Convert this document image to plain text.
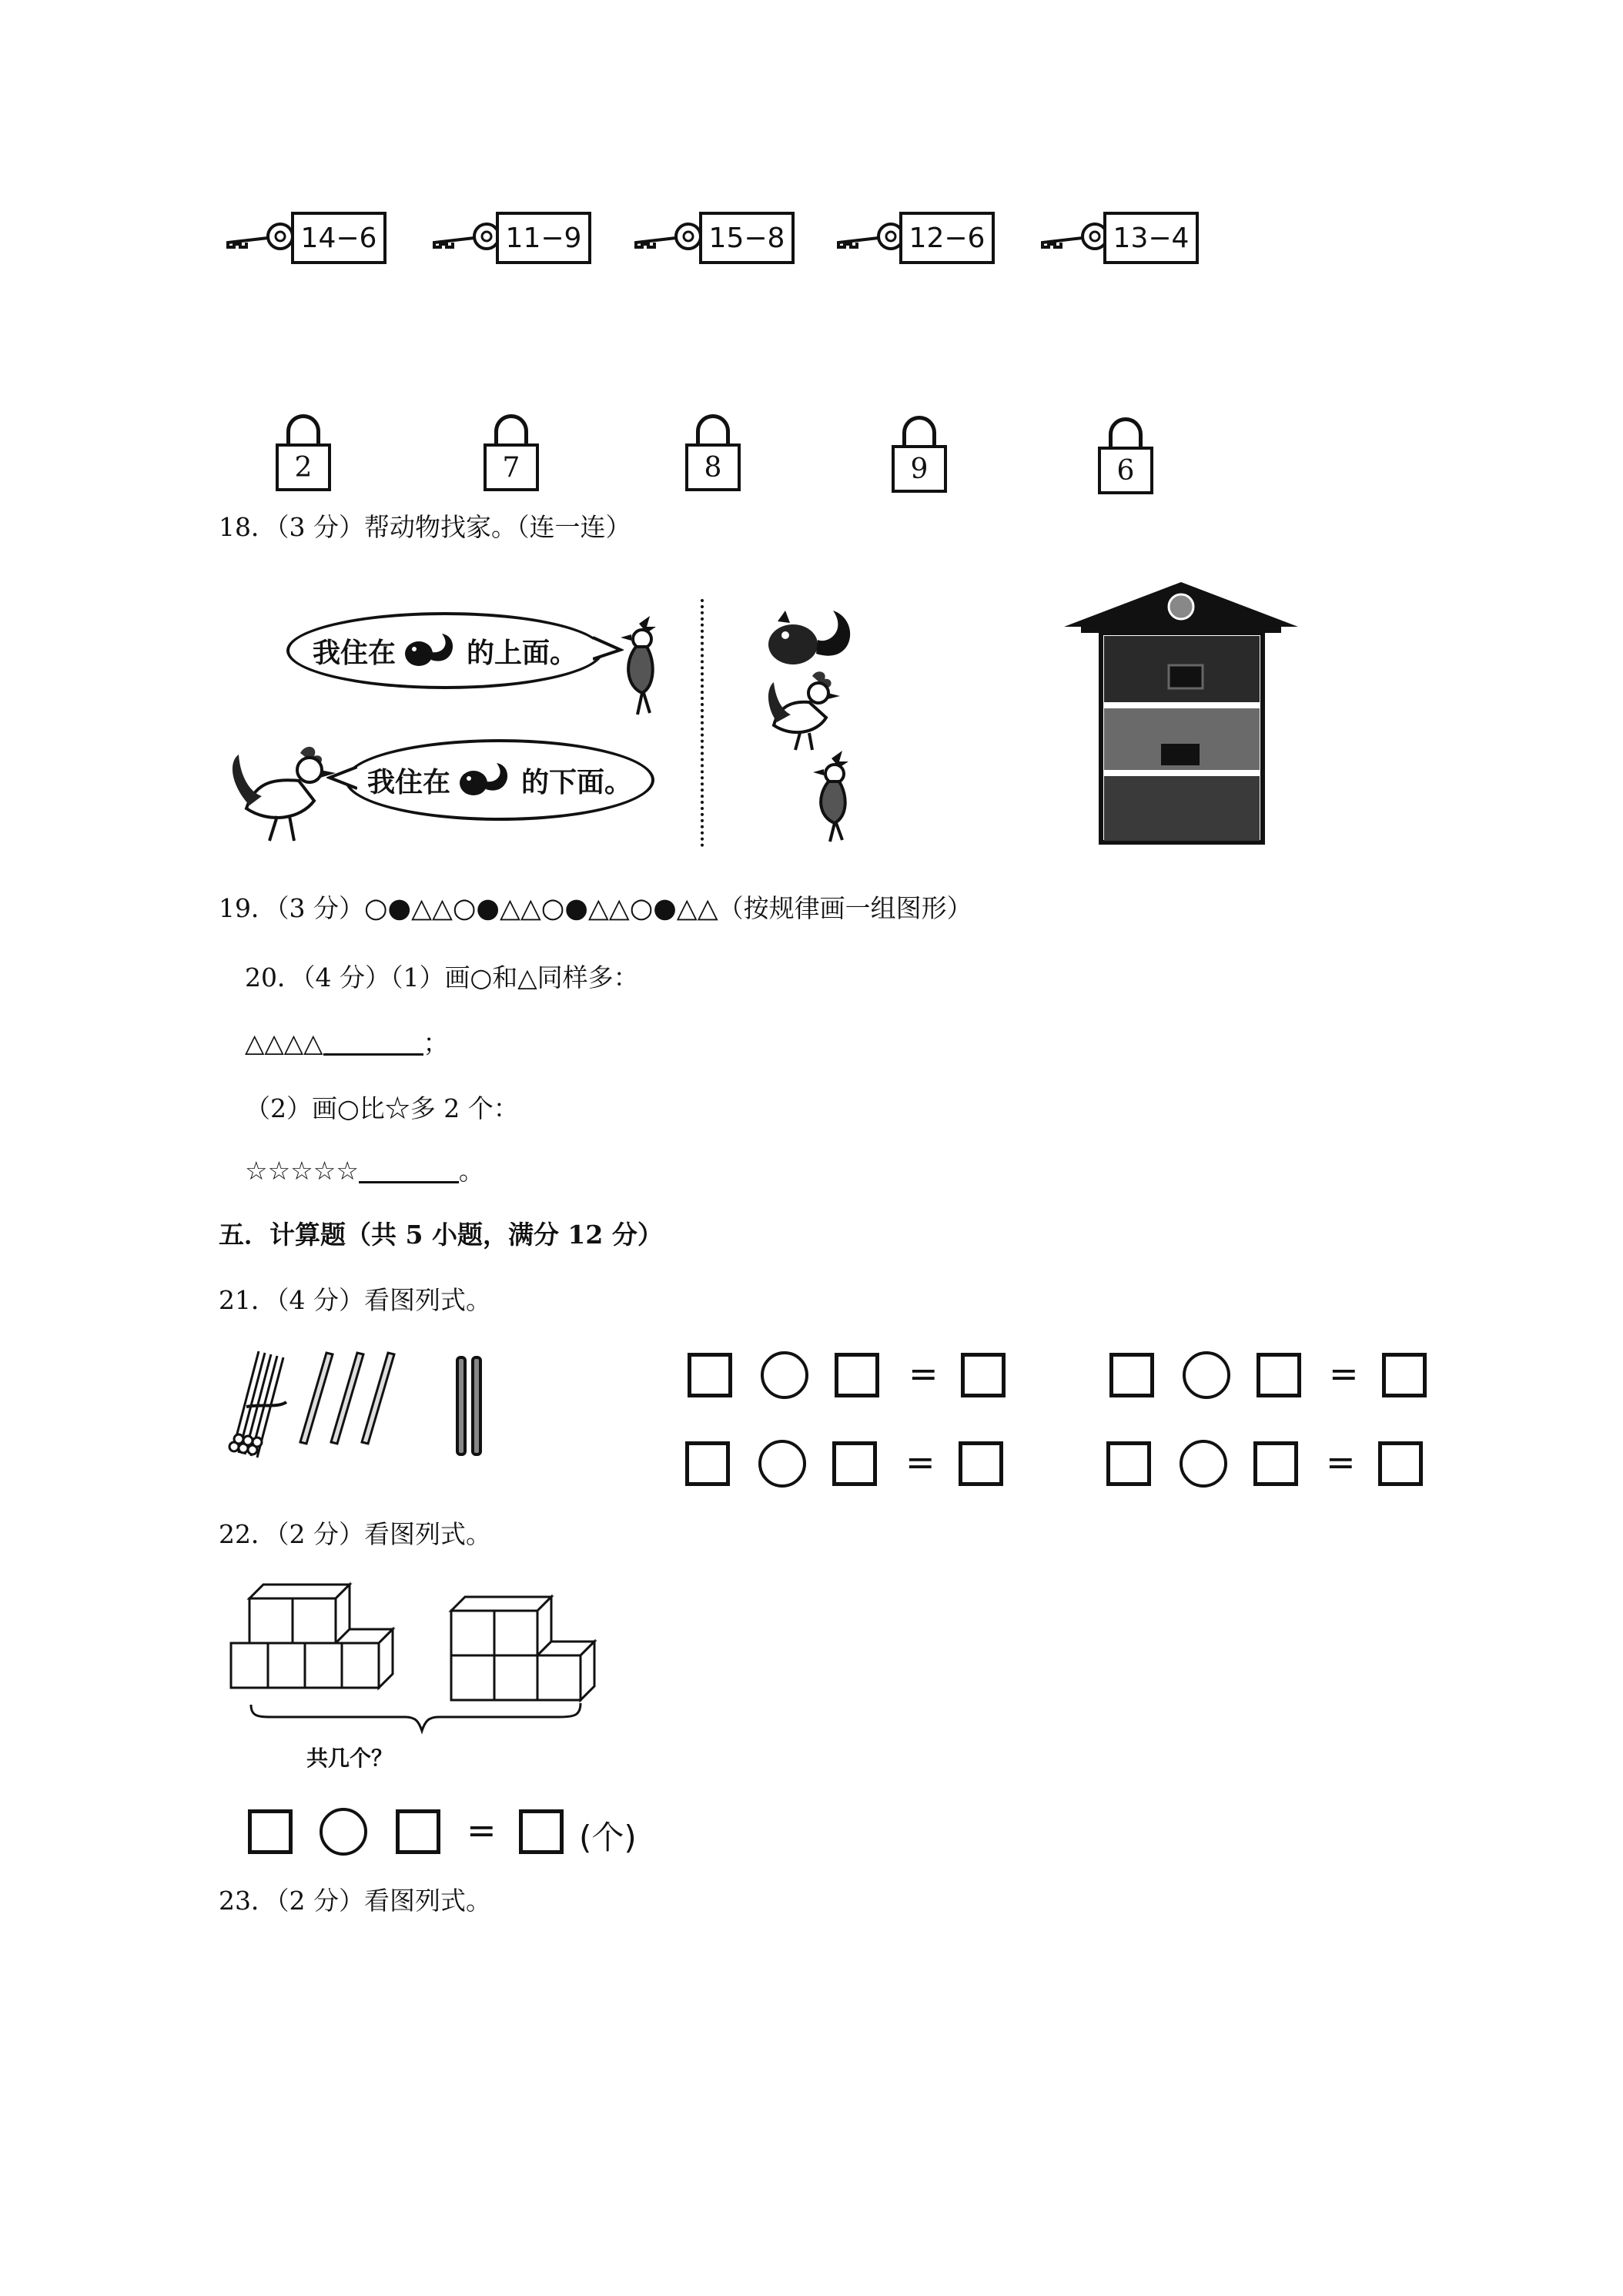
14−6	11−9	15−8	12−6	13−4
2	7	8	9	6
18．（3 分）帮动物找家。（连一连）
我住在	的上面。
我住在	的下面。
19．（3 分）○●△△○●△△○●△△○●△△（按规律画一组图形）
20．（4 分）（1）画○和△同样多：
△△△△	；
（2）画○比☆多 2 个：
☆☆☆☆☆	。
五．计算题（共 5 小题，满分 12 分）
21．（4 分）看图列式。
=	=
=	=
22．（2 分）看图列式。
共几个？
=	(个)
23．（2 分）看图列式。
